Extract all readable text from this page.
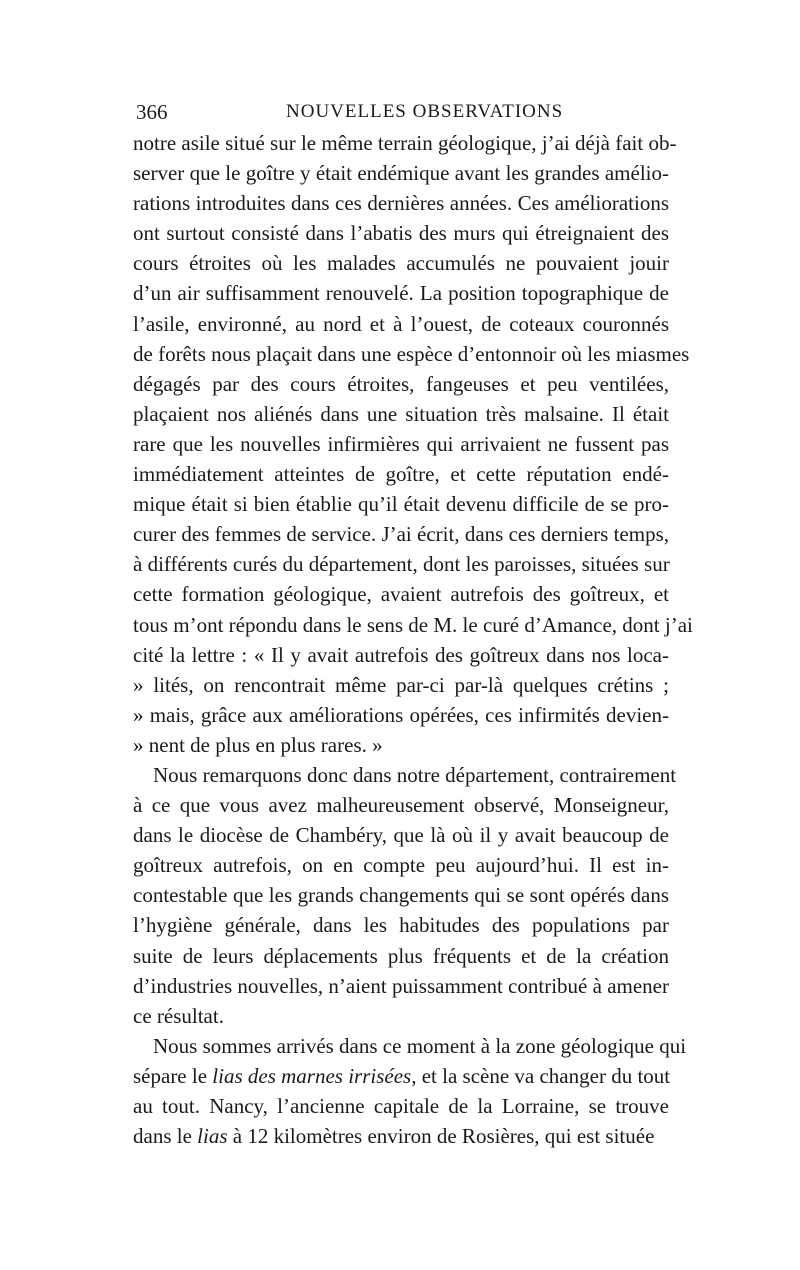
366	NOUVELLES OBSERVATIONS

notre asile situé sur le même terrain géologique, j’ai déjà fait ob-
server que le goître y était endémique avant les grandes amélio-
rations introduites dans ces dernières années. Ces améliorations
ont surtout consisté dans l’abatis des murs qui étreignaient des
cours étroites où les malades accumulés ne pouvaient jouir
d’un air suffisamment renouvelé. La position topographique de
l’asile, environné, au nord et à l’ouest, de coteaux couronnés
de forêts nous plaçait dans une espèce d’entonnoir où les miasmes
dégagés par des cours étroites, fangeuses et peu ventilées,
plaçaient nos aliénés dans une situation très malsaine. Il était
rare que les nouvelles infirmières qui arrivaient ne fussent pas
immédiatement atteintes de goître, et cette réputation endé-
mique était si bien établie qu’il était devenu difficile de se pro-
curer des femmes de service. J’ai écrit, dans ces derniers temps,
à différents curés du département, dont les paroisses, situées sur
cette formation géologique, avaient autrefois des goîtreux, et
tous m’ont répondu dans le sens de M. le curé d’Amance, dont j’ai
cité la lettre : « Il y avait autrefois des goîtreux dans nos loca-
» lités, on rencontrait même par-ci par-là quelques crétins ;
» mais, grâce aux améliorations opérées, ces infirmités devien-
» nent de plus en plus rares. »

Nous remarquons donc dans notre département, contrairement
à ce que vous avez malheureusement observé, Monseigneur,
dans le diocèse de Chambéry, que là où il y avait beaucoup de
goîtreux autrefois, on en compte peu aujourd’hui. Il est in-
contestable que les grands changements qui se sont opérés dans
l’hygiène générale, dans les habitudes des populations par
suite de leurs déplacements plus fréquents et de la création
d’industries nouvelles, n’aient puissamment contribué à amener
ce résultat.

Nous sommes arrivés dans ce moment à la zone géologique qui
sépare le lias des marnes irrisées, et la scène va changer du tout
au tout. Nancy, l’ancienne capitale de la Lorraine, se trouve
dans le lias à 12 kilomètres environ de Rosières, qui est située
